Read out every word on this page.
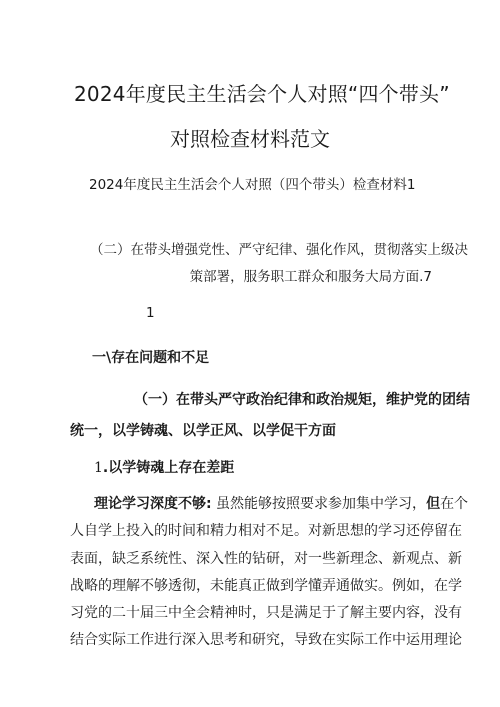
2024年度民主生活会个人对照“四个带头”
对照检查材料范文
2024年度民主生活会个人对照（四个带头）检查材料1
（二）在带头增强党性、严守纪律、强化作风，贯彻落实上级决
策部署，服务职工群众和服务大局方面.7
1
一\存在问题和不足
（一）在带头严守政治纪律和政治规矩，维护党的团结
统一，以学铸魂、以学正风、以学促干方面
1.以学铸魂上存在差距
理论学习深度不够: 虽然能够按照要求参加集中学习，但在个
人自学上投入的时间和精力相对不足。对新思想的学习还停留在
表面，缺乏系统性、深入性的钻研，对一些新理念、新观点、新
战略的理解不够透彻，未能真正做到学懂弄通做实。例如，在学
习党的二十届三中全会精神时，只是满足于了解主要内容，没有
结合实际工作进行深入思考和研究，导致在实际工作中运用理论
